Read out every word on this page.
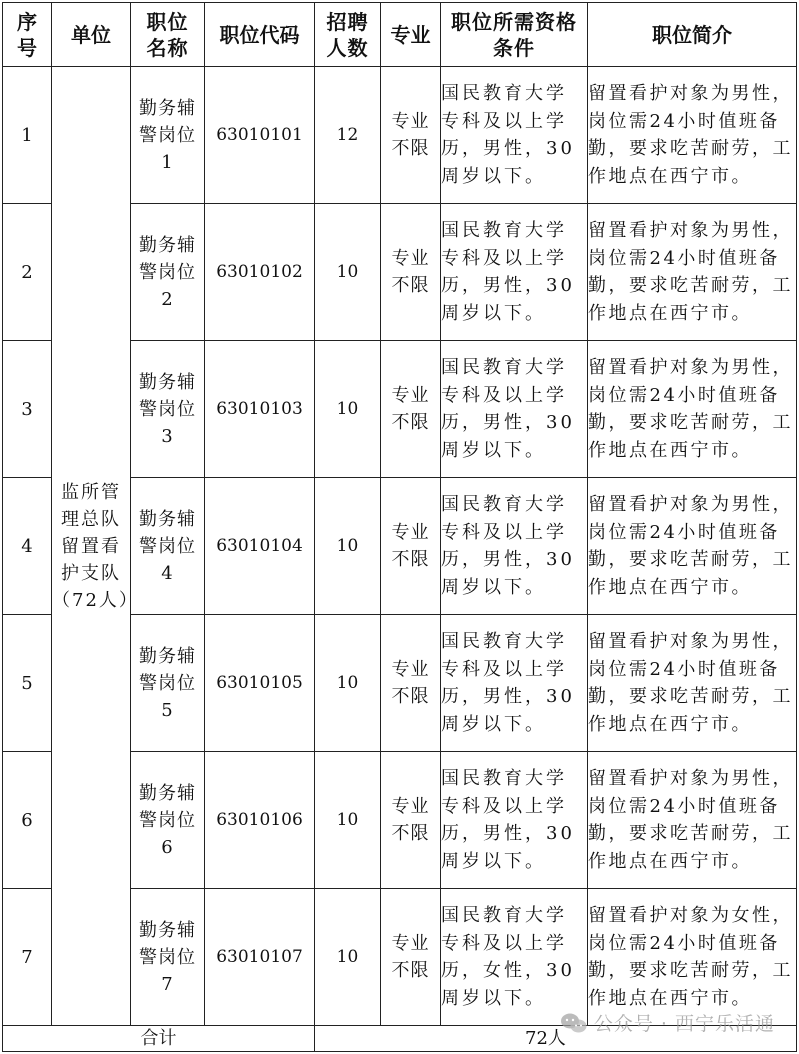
序号	单位	职位名称	职位代码	招聘人数	专业	职位所需资格条件	职位简介
1	监所管理总队留置看护支队（72人）	勤务辅警岗位1	63010101	12	专业不限	国民教育大学专科及以上学历，男性，30周岁以下。	留置看护对象为男性，岗位需24小时值班备勤，要求吃苦耐劳，工作地点在西宁市。
2		勤务辅警岗位2	63010102	10	专业不限	国民教育大学专科及以上学历，男性，30周岁以下。	留置看护对象为男性，岗位需24小时值班备勤，要求吃苦耐劳，工作地点在西宁市。
3		勤务辅警岗位3	63010103	10	专业不限	国民教育大学专科及以上学历，男性，30周岁以下。	留置看护对象为男性，岗位需24小时值班备勤，要求吃苦耐劳，工作地点在西宁市。
4		勤务辅警岗位4	63010104	10	专业不限	国民教育大学专科及以上学历，男性，30周岁以下。	留置看护对象为男性，岗位需24小时值班备勤，要求吃苦耐劳，工作地点在西宁市。
5		勤务辅警岗位5	63010105	10	专业不限	国民教育大学专科及以上学历，男性，30周岁以下。	留置看护对象为男性，岗位需24小时值班备勤，要求吃苦耐劳，工作地点在西宁市。
6		勤务辅警岗位6	63010106	10	专业不限	国民教育大学专科及以上学历，男性，30周岁以下。	留置看护对象为男性，岗位需24小时值班备勤，要求吃苦耐劳，工作地点在西宁市。
7		勤务辅警岗位7	63010107	10	专业不限	国民教育大学专科及以上学历，女性，30周岁以下。	留置看护对象为女性，岗位需24小时值班备勤，要求吃苦耐劳，工作地点在西宁市。
合计				72人			
公众号 · 西宁乐活通
